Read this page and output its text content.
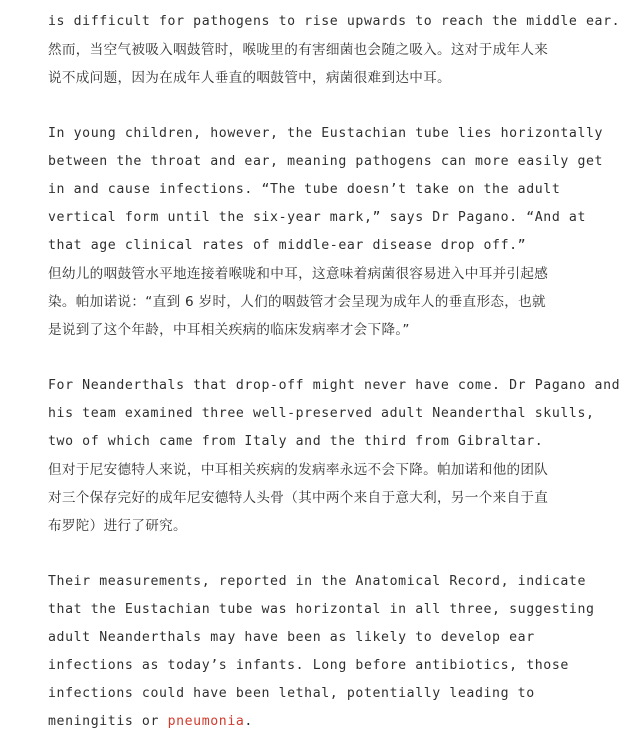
is difficult for pathogens to rise upwards to reach the middle ear.
然而，当空气被吸入咽鼓管时，喉咙里的有害细菌也会随之吸入。这对于成年人来
说不成问题，因为在成年人垂直的咽鼓管中，病菌很难到达中耳。
In young children, however, the Eustachian tube lies horizontally
between the throat and ear, meaning pathogens can more easily get
in and cause infections. “The tube doesn’t take on the adult
vertical form until the six-year mark,” says Dr Pagano. “And at
that age clinical rates of middle-ear disease drop off.”
但幼儿的咽鼓管水平地连接着喉咙和中耳，这意味着病菌很容易进入中耳并引起感
染。帕加诺说：“直到 6 岁时，人们的咽鼓管才会呈现为成年人的垂直形态，也就
是说到了这个年龄，中耳相关疾病的临床发病率才会下降。”
For Neanderthals that drop-off might never have come. Dr Pagano and
his team examined three well-preserved adult Neanderthal skulls,
two of which came from Italy and the third from Gibraltar.
但对于尼安德特人来说，中耳相关疾病的发病率永远不会下降。帕加诺和他的团队
对三个保存完好的成年尼安德特人头骨（其中两个来自于意大利，另一个来自于直
布罗陀）进行了研究。
Their measurements, reported in the Anatomical Record, indicate
that the Eustachian tube was horizontal in all three, suggesting
adult Neanderthals may have been as likely to develop ear
infections as today’s infants. Long before antibiotics, those
infections could have been lethal, potentially leading to
meningitis or pneumonia.
